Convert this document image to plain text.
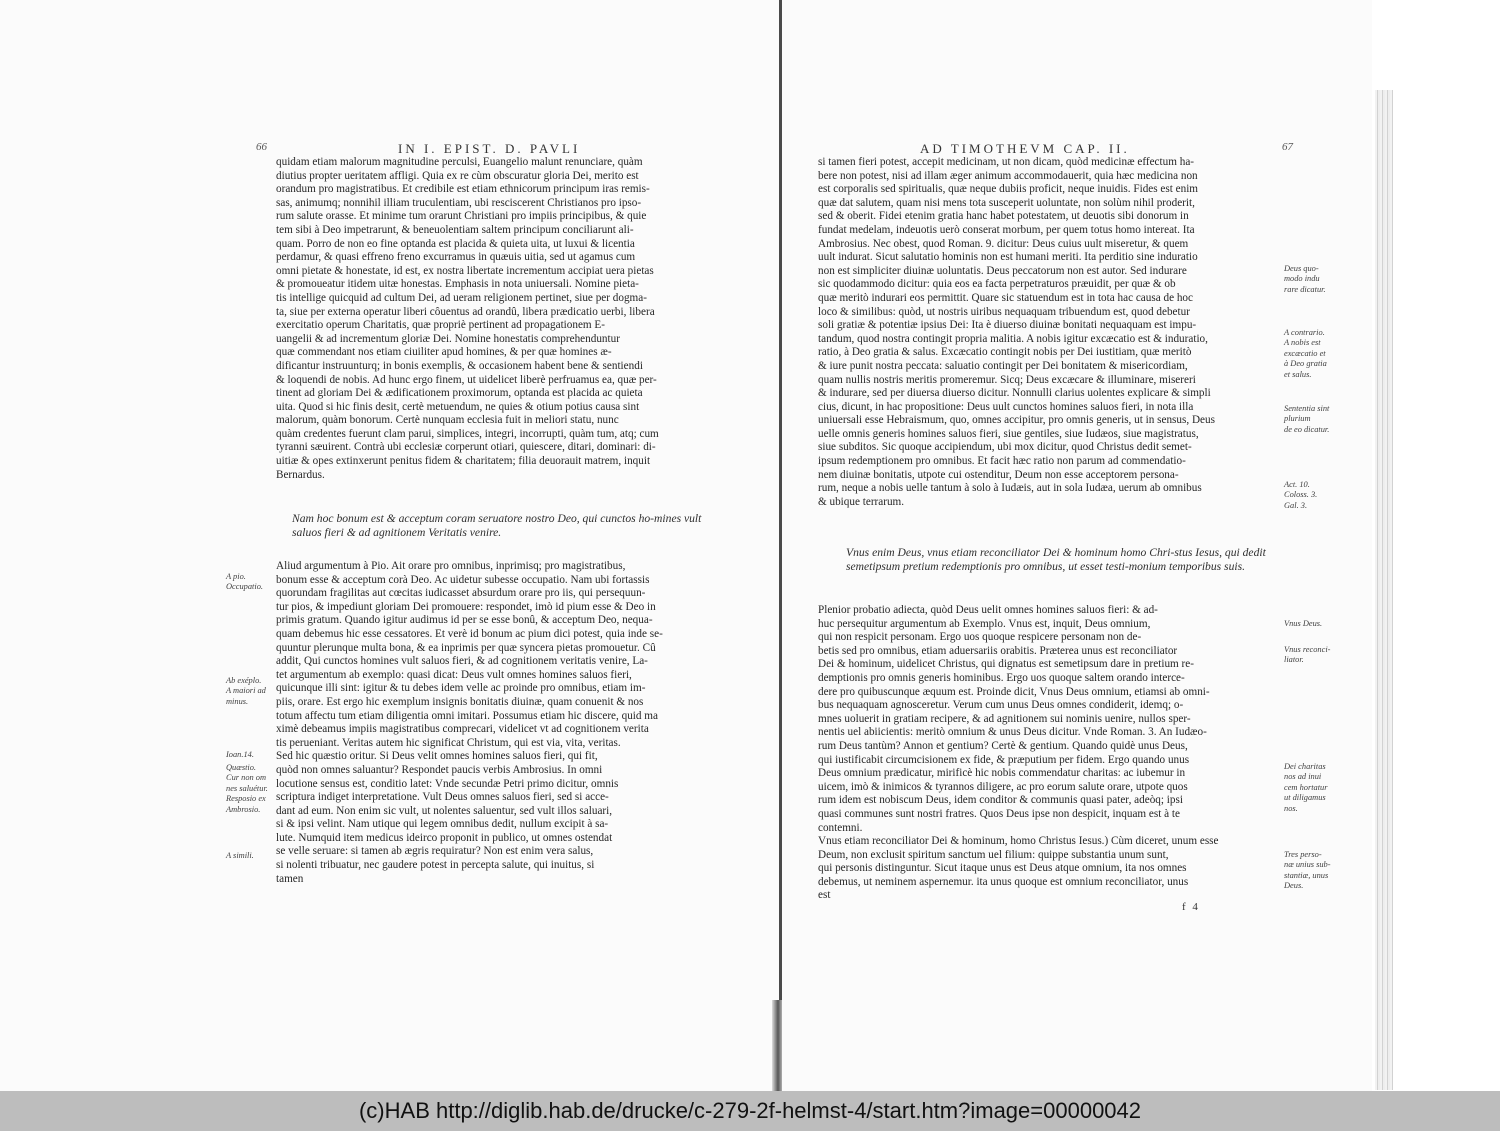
66	IN I. EPIST. D. PAVLI
quidam etiam malorum magnitudine perculsi, Euangelio malunt renunciare, quàm
diutius propter ueritatem affligi. Quia ex re cùm obscuratur gloria Dei, merito est
orandum pro magistratibus. Et credibile est etiam ethnicorum principum iras remis-
sas, animumq; nonnihil illiam truculentiam, ubi resciscerent Christianos pro ipso-
rum salute orasse. Et minime tum orarunt Christiani pro impiis principibus, & quie
tem sibi à Deo impetrarunt, & beneuolentiam saltem principum conciliarunt ali-
quam. Porro de non eo fine optanda est placida & quieta uita, ut luxui & licentia
perdamur, & quasi effreno freno excurramus in quæuis uitia, sed ut agamus cum
omni pietate & honestate, id est, ex nostra libertate incrementum accipiat uera pietas
& promoueatur itidem uitæ honestas. Emphasis in nota uniuersali. Nomine pieta-
tis intellige quicquid ad cultum Dei, ad ueram religionem pertinet, siue per dogma-
ta, siue per externa operatur liberi côuentus ad orandû, libera prædicatio uerbi, libera
exercitatio operum Charitatis, quæ propriè pertinent ad propagationem E-
uangelii & ad incrementum gloriæ Dei. Nomine honestatis comprehenduntur
quæ commendant nos etiam ciuiliter apud homines, & per quæ homines æ-
dificantur instruunturq; in bonis exemplis, & occasionem habent bene & sentiendi
& loquendi de nobis. Ad hunc ergo finem, ut uidelicet liberè perfruamus ea, quæ per-
tinent ad gloriam Dei & ædificationem proximorum, optanda est placida ac quieta
uita. Quod si hic finis desit, certè metuendum, ne quies & otium potius causa sint
malorum, quàm bonorum. Certè nunquam ecclesia fuit in meliori statu, nunc
quàm credentes fuerunt clam parui, simplices, integri, incorrupti, quàm tum, atq; cum
tyranni sæuirent. Contrà ubi ecclesiæ corperunt otiari, quiescere, ditari, dominari: di-
uitiæ & opes extinxerunt penitus fidem & charitatem; filia deuorauit matrem, inquit
Bernardus.
Nam hoc bonum est & acceptum coram seruatore nostro Deo, qui cunctos ho-mines vult saluos fieri & ad agnitionem Veritatis venire.
Aliud argumentum à Pio. Ait orare pro omnibus, inprimisq; pro magistratibus,
bonum esse & acceptum corà Deo. Ac uidetur subesse occupatio. Nam ubi fortassis
quorundam fragilitas aut cœcitas iudicasset absurdum orare pro iis, qui persequun-
tur pios, & impediunt gloriam Dei promouere: respondet, imò id pium esse & Deo in
primis gratum. Quando igitur audimus id per se esse bonû, & acceptum Deo, nequa-
quam debemus hic esse cessatores. Et verè id bonum ac pium dici potest, quia inde se-
quuntur plerunque multa bona, & ea inprimis per quæ syncera pietas promouetur. Cû
addit, Qui cunctos homines vult saluos fieri, & ad cognitionem veritatis venire, La-
tet argumentum ab exemplo: quasi dicat: Deus vult omnes homines saluos fieri,
quicunque illi sint: igitur & tu debes idem velle ac proinde pro omnibus, etiam im-
piis, orare. Est ergo hic exemplum insignis bonitatis diuinæ, quam conuenit & nos
totum affectu tum etiam diligentia omni imitari. Possumus etiam hic discere, quid ma
ximè debeamus impiis magistratibus comprecari, videlicet vt ad cognitionem verita
tis perueniant. Veritas autem hic significat Christum, qui est via, vita, veritas.
Sed hic quæstio oritur. Si Deus velit omnes homines saluos fieri, qui fit,
quòd non omnes saluantur? Respondet paucis verbis Ambrosius. In omni
locutione sensus est, conditio latet: Vnde secundæ Petri primo dicitur, omnis
scriptura indiget interpretatione. Vult Deus omnes saluos fieri, sed si acce-
dant ad eum. Non enim sic vult, ut nolentes saluentur, sed vult illos saluari,
si & ipsi velint. Nam utique qui legem omnibus dedit, nullum excipit à sa-
lute. Numquid item medicus ideirco proponit in publico, ut omnes ostendat
se velle seruare: si tamen ab ægris requiratur? Non est enim vera salus,
si nolenti tribuatur, nec gaudere potest in percepta salute, qui inuitus, si
tamen
A pio.
Occupatio.
Ab exéplo.
A maiori ad
minus.
Ioan.14.
Quæstio.
Cur non om
nes saluétur.
Resposio ex
Ambrosio.
A simili.
AD TIMOTHEVM CAP. II.	67
si tamen fieri potest, accepit medicinam, ut non dicam, quòd medicinæ effectum ha-
bere non potest, nisi ad illam æger animum accommodauerit, quia hæc medicina non
est corporalis sed spiritualis, quæ neque dubiis proficit, neque inuidis. Fides est enim
quæ dat salutem, quam nisi mens tota susceperit uoluntate, non solùm nihil proderit,
sed & oberit. Fidei etenim gratia hanc habet potestatem, ut deuotis sibi donorum in
fundat medelam, indeuotis uerò conserat morbum, per quem totus homo intereat. Ita
Ambrosius. Nec obest, quod Roman. 9. dicitur: Deus cuius uult miseretur, & quem
uult indurat. Sicut salutatio hominis non est humani meriti. Ita perditio sine induratio
non est simpliciter diuinæ uoluntatis. Deus peccatorum non est autor. Sed indurare
sic quodammodo dicitur: quia eos ea facta perpetraturos præuidit, per quæ & ob
quæ meritò indurari eos permittit. Quare sic statuendum est in tota hac causa de hoc
loco & similibus: quòd, ut nostris uiribus nequaquam tribuendum est, quod debetur
soli gratiæ & potentiæ ipsius Dei: Ita è diuerso diuinæ bonitati nequaquam est impu-
tandum, quod nostra contingit propria malitia. A nobis igitur excæcatio est & induratio,
ratio, à Deo gratia & salus. Excæcatio contingit nobis per Dei iustitiam, quæ meritò
& iure punit nostra peccata: saluatio contingit per Dei bonitatem & misericordiam,
quam nullis nostris meritis promeremur. Sicq; Deus excæcare & illuminare, misereri
& indurare, sed per diuersa diuerso dicitur. Nonnulli clarius uolentes explicare & simpli
cius, dicunt, in hac propositione: Deus uult cunctos homines saluos fieri, in nota illa
uniuersali esse Hebraismum, quo, omnes accipitur, pro omnis generis, ut in sensus, Deus
uelle omnis generis homines saluos fieri, siue gentiles, siue Iudæos, siue magistratus,
siue subditos. Sic quoque accipiendum, ubi mox dicitur, quod Christus dedit semet-
ipsum redemptionem pro omnibus. Et facit hæc ratio non parum ad commendatio-
nem diuinæ bonitatis, utpote cui ostenditur, Deum non esse acceptorem persona-
rum, neque a nobis uelle tantum à solo à Iudæis, aut in sola Iudæa, uerum ab omnibus
& ubique terrarum.
Vnus enim Deus, vnus etiam reconciliator Dei & hominum homo Chri-stus Iesus, qui dedit semetipsum pretium redemptionis pro omnibus, ut esset testi-monium temporibus suis.
Plenior probatio adiecta, quòd Deus uelit omnes homines saluos fieri: & ad-
huc persequitur argumentum ab Exemplo. Vnus est, inquit, Deus omnium,
qui non respicit personam. Ergo uos quoque respicere personam non de-
betis sed pro omnibus, etiam aduersariis orabitis. Præterea unus est reconciliator
Dei & hominum, uidelicet Christus, qui dignatus est semetipsum dare in pretium re-
demptionis pro omnis generis hominibus. Ergo uos quoque saltem orando interce-
dere pro quibuscunque æquum est. Proinde dicit, Vnus Deus omnium, etiamsi ab omni-
bus nequaquam agnosceretur. Verum cum unus Deus omnes condiderit, idemq; o-
mnes uoluerit in gratiam recipere, & ad agnitionem sui nominis uenire, nullos sper-
nentis uel abiicientis: meritò omnium & unus Deus dicitur. Vnde Roman. 3. An Iudæo-
rum Deus tantùm? Annon et gentium? Certè & gentium. Quando quidè unus Deus,
qui iustificabit circumcisionem ex fide, & præputium per fidem. Ergo quando unus
Deus omnium prædicatur, mirificè hic nobis commendatur charitas: ac iubemur in
uicem, imò & inimicos & tyrannos diligere, ac pro eorum salute orare, utpote quos
rum idem est nobiscum Deus, idem conditor & communis quasi pater, adeòq; ipsi
quasi communes sunt nostri fratres. Quos Deus ipse non despicit, inquam est à te
contemni.
Vnus etiam reconciliator Dei & hominum, homo Christus Iesus.) Cùm diceret, unum esse
Deum, non exclusit spiritum sanctum uel filium: quippe substantia unum sunt,
qui personis distinguntur. Sicut itaque unus est Deus atque omnium, ita nos omnes
debemus, ut neminem aspernemur. ita unus quoque est omnium reconciliator, unus
est
f 4
Deus quo-
modo indu
rare dicatur.
A contrario.
A nobis est
excæcatio et
à Deo gratia
et salus.
Sententia sint
plurium
de eo dicatur.
Act. 10.
Coloss. 3.
Gal. 3.
Vnus Deus.
Vnus reconci-
liator.
Dei charitas
nos ad inui
cem hortatur
ut diligamus
nos.
Tres perso-
næ unius sub-
stantiæ, unus
Deus.
(c)HAB http://diglib.hab.de/drucke/c-279-2f-helmst-4/start.htm?image=00000042
